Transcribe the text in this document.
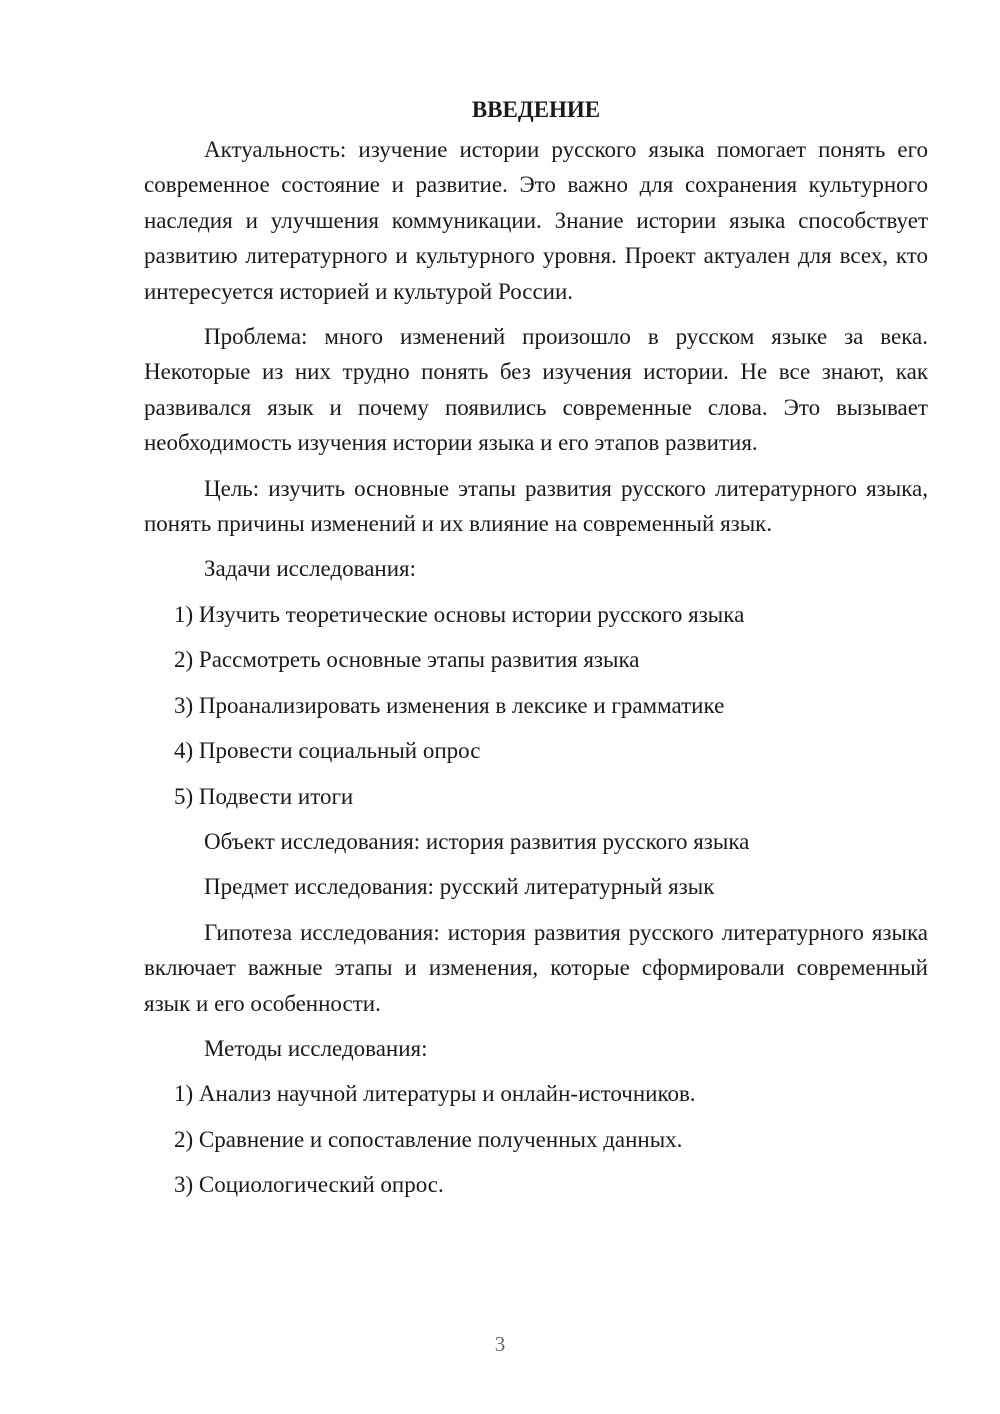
ВВЕДЕНИЕ

Актуальность: изучение истории русского языка помогает понять его современное состояние и развитие. Это важно для сохранения культурного наследия и улучшения коммуникации. Знание истории языка способствует развитию литературного и культурного уровня. Проект актуален для всех, кто интересуется историей и культурой России.

Проблема: много изменений произошло в русском языке за века. Некоторые из них трудно понять без изучения истории. Не все знают, как развивался язык и почему появились современные слова. Это вызывает необходимость изучения истории языка и его этапов развития.

Цель: изучить основные этапы развития русского литературного языка, понять причины изменений и их влияние на современный язык.

Задачи исследования:
1) Изучить теоретические основы истории русского языка
2) Рассмотреть основные этапы развития языка
3) Проанализировать изменения в лексике и грамматике
4) Провести социальный опрос
5) Подвести итоги
Объект исследования: история развития русского языка
Предмет исследования: русский литературный язык

Гипотеза исследования: история развития русского литературного языка включает важные этапы и изменения, которые сформировали современный язык и его особенности.

Методы исследования:
1) Анализ научной литературы и онлайн-источников.
2) Сравнение и сопоставление полученных данных.
3) Социологический опрос.
3
